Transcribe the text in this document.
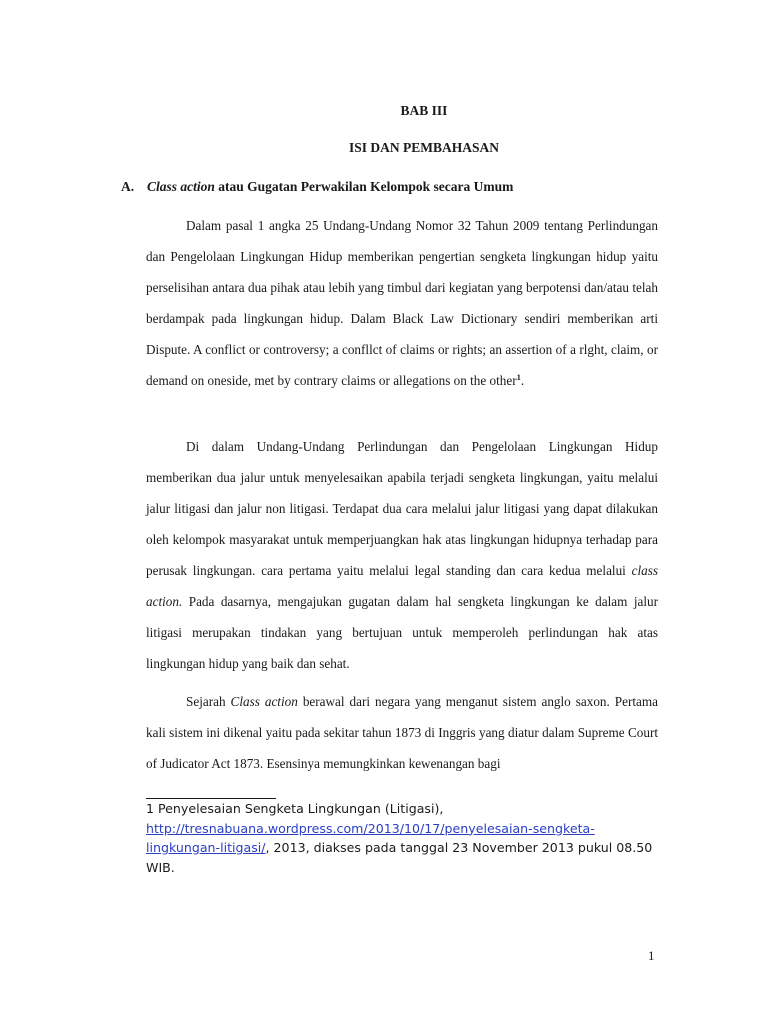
BAB III
ISI DAN PEMBAHASAN
A. Class action atau Gugatan Perwakilan Kelompok secara Umum

Dalam pasal 1 angka 25 Undang-Undang Nomor 32 Tahun 2009 tentang Perlindungan dan Pengelolaan Lingkungan Hidup memberikan pengertian sengketa lingkungan hidup yaitu perselisihan antara dua pihak atau lebih yang timbul dari kegiatan yang berpotensi dan/atau telah berdampak pada lingkungan hidup. Dalam Black Law Dictionary sendiri memberikan arti Dispute. A conflict or controversy; a confllct of claims or rights; an assertion of a rlght, claim, or demand on oneside, met by contrary claims or allegations on the other$^1$.

Di dalam Undang-Undang Perlindungan dan Pengelolaan Lingkungan Hidup memberikan dua jalur untuk menyelesaikan apabila terjadi sengketa lingkungan, yaitu melalui jalur litigasi dan jalur non litigasi. Terdapat dua cara melalui jalur litigasi yang dapat dilakukan oleh kelompok masyarakat untuk memperjuangkan hak atas lingkungan hidupnya terhadap para perusak lingkungan. cara pertama yaitu melalui legal standing dan cara kedua melalui class action. Pada dasarnya, mengajukan gugatan dalam hal sengketa lingkungan ke dalam jalur litigasi merupakan tindakan yang bertujuan untuk memperoleh perlindungan hak atas lingkungan hidup yang baik dan sehat.

Sejarah Class action berawal dari negara yang menganut sistem anglo saxon. Pertama kali sistem ini dikenal yaitu pada sekitar tahun 1873 di Inggris yang diatur dalam Supreme Court of Judicator Act 1873. Esensinya memungkinkan kewenangan bagi

1 Penyelesaian Sengketa Lingkungan (Litigasi),
http://tresnabuana.wordpress.com/2013/10/17/penyelesaian-sengketa-lingkungan-litigasi/, 2013, diakses pada tanggal 23 November 2013 pukul 08.50 WIB.

1
